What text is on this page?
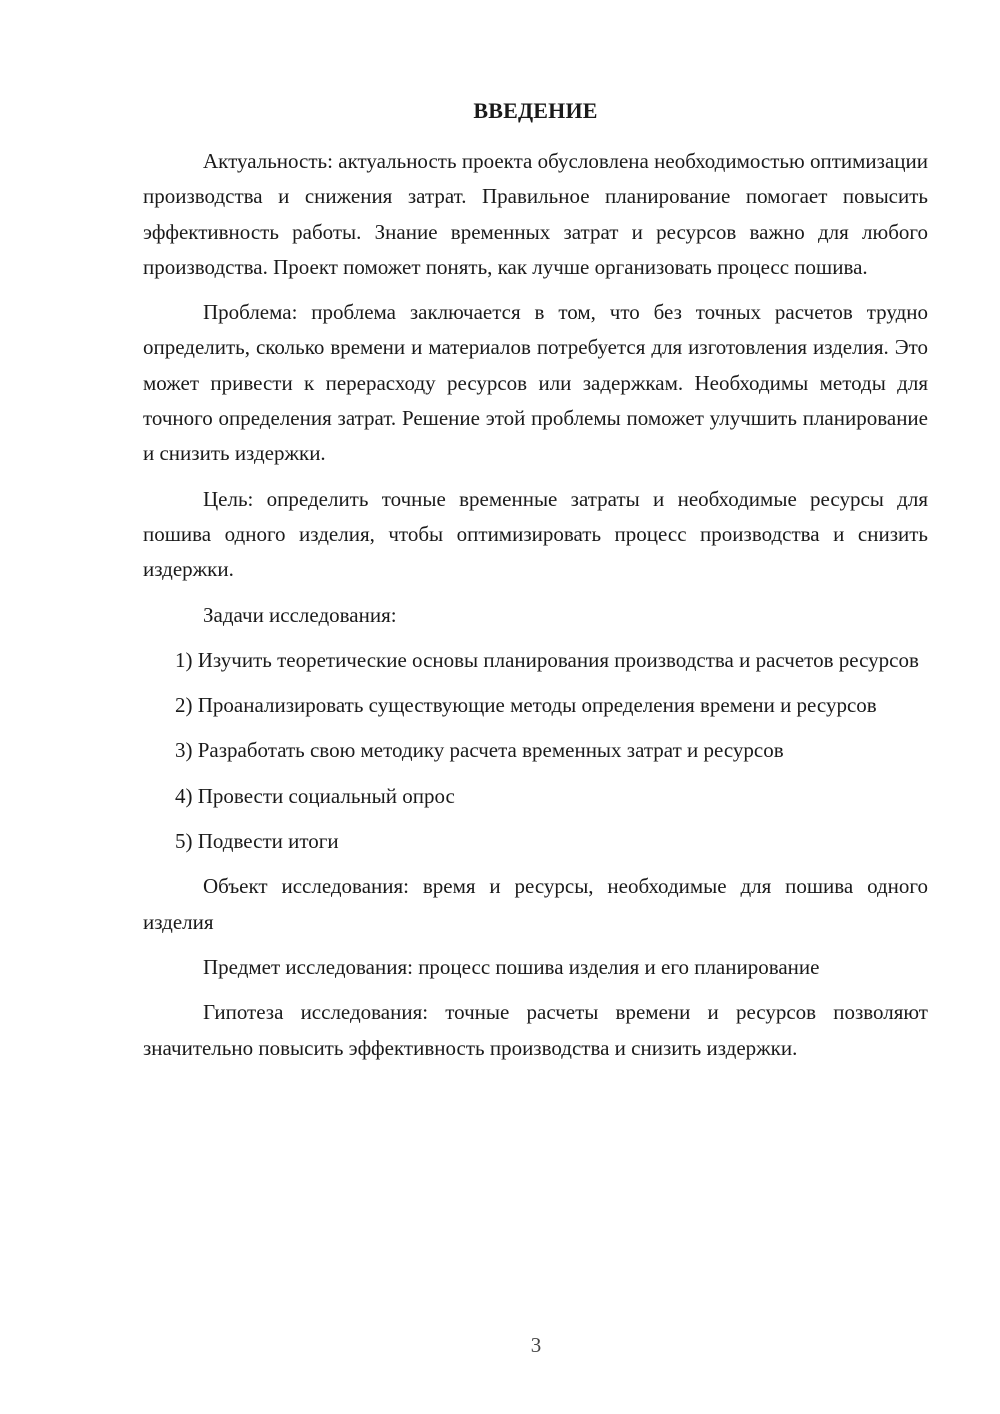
ВВЕДЕНИЕ

Актуальность: актуальность проекта обусловлена необходимостью оптимизации производства и снижения затрат. Правильное планирование помогает повысить эффективность работы. Знание временных затрат и ресурсов важно для любого производства. Проект поможет понять, как лучше организовать процесс пошива.

Проблема: проблема заключается в том, что без точных расчетов трудно определить, сколько времени и материалов потребуется для изготовления изделия. Это может привести к перерасходу ресурсов или задержкам. Необходимы методы для точного определения затрат. Решение этой проблемы поможет улучшить планирование и снизить издержки.

Цель: определить точные временные затраты и необходимые ресурсы для пошива одного изделия, чтобы оптимизировать процесс производства и снизить издержки.

Задачи исследования:

1) Изучить теоретические основы планирования производства и расчетов ресурсов

2) Проанализировать существующие методы определения времени и ресурсов

3) Разработать свою методику расчета временных затрат и ресурсов

4) Провести социальный опрос

5) Подвести итоги

Объект исследования: время и ресурсы, необходимые для пошива одного изделия

Предмет исследования: процесс пошива изделия и его планирование

Гипотеза исследования: точные расчеты времени и ресурсов позволяют значительно повысить эффективность производства и снизить издержки.

3
